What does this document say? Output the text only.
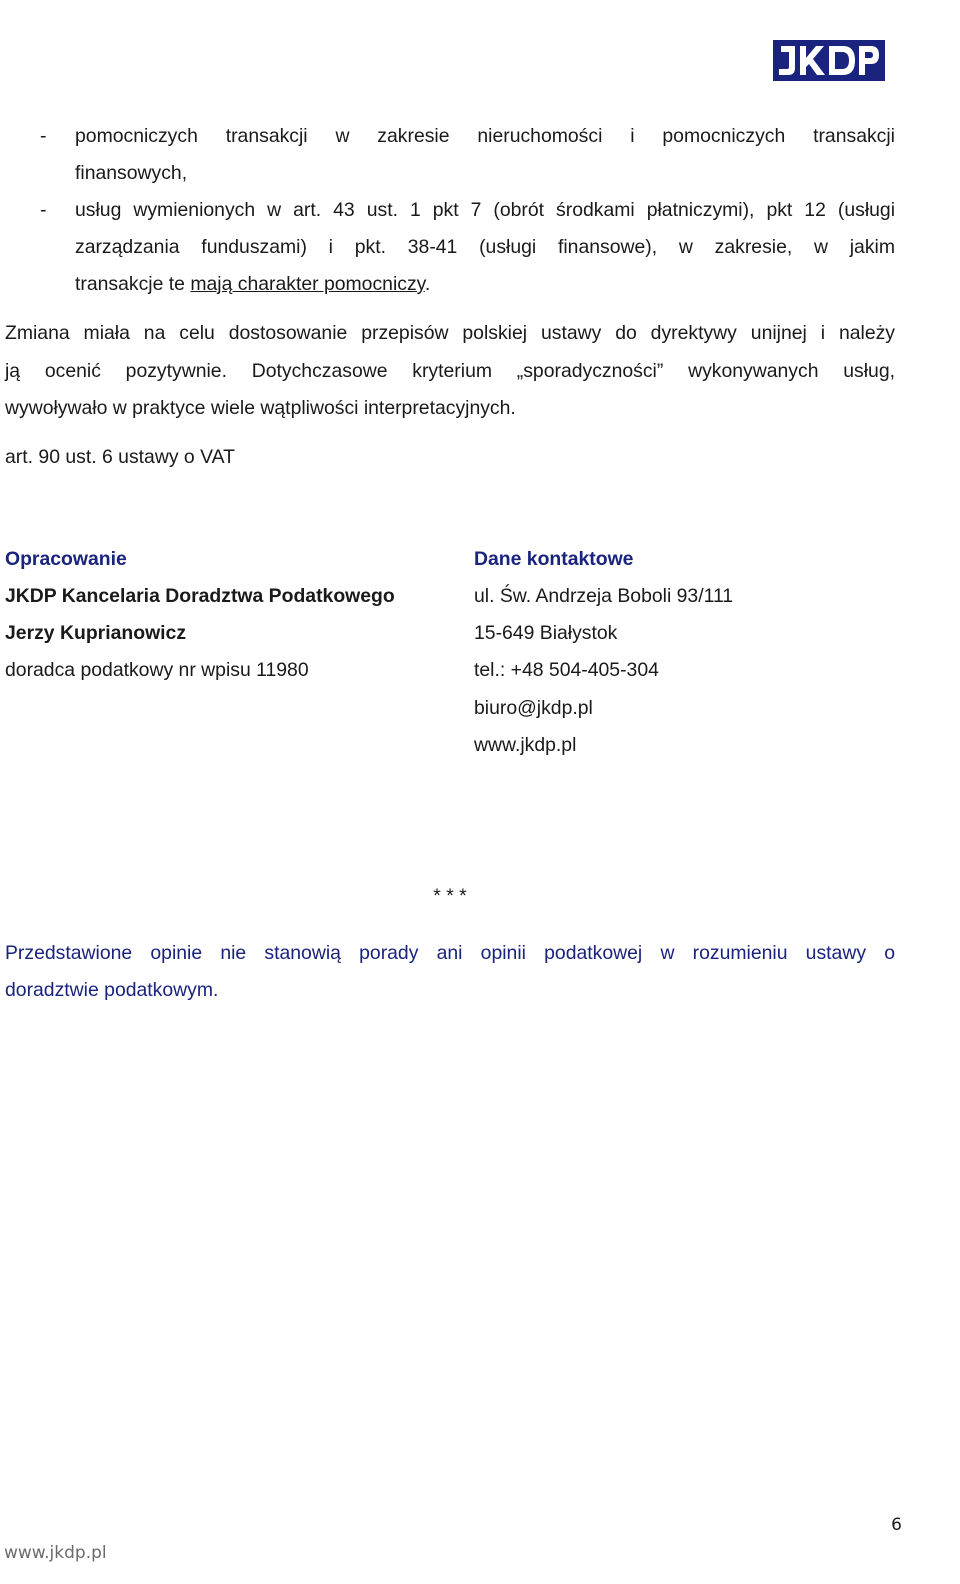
- pomocniczych transakcji w zakresie nieruchomości i pomocniczych transakcji

finansowych,

- usług wymienionych w art. 43 ust. 1 pkt 7 (obrót środkami płatniczymi), pkt 12 (usługi

zarządzania funduszami) i pkt. 38-41 (usługi finansowe), w zakresie, w jakim

transakcje te mają charakter pomocniczy.

Zmiana miała na celu dostosowanie przepisów polskiej ustawy do dyrektywy unijnej i należy

ją ocenić pozytywnie. Dotychczasowe kryterium „sporadyczności” wykonywanych usług,

wywoływało w praktyce wiele wątpliwości interpretacyjnych.

art. 90 ust. 6 ustawy o VAT

Opracowanie
JKDP Kancelaria Doradztwa Podatkowego
Jerzy Kuprianowicz
doradca podatkowy nr wpisu 11980
Dane kontaktowe
ul. Św. Andrzeja Boboli 93/111
15-649 Białystok
tel.: +48 504-405-304
biuro@jkdp.pl
www.jkdp.pl
* * *

Przedstawione opinie nie stanowią porady ani opinii podatkowej w rozumieniu ustawy o

doradztwie podatkowym.

6
www.jkdp.pl
